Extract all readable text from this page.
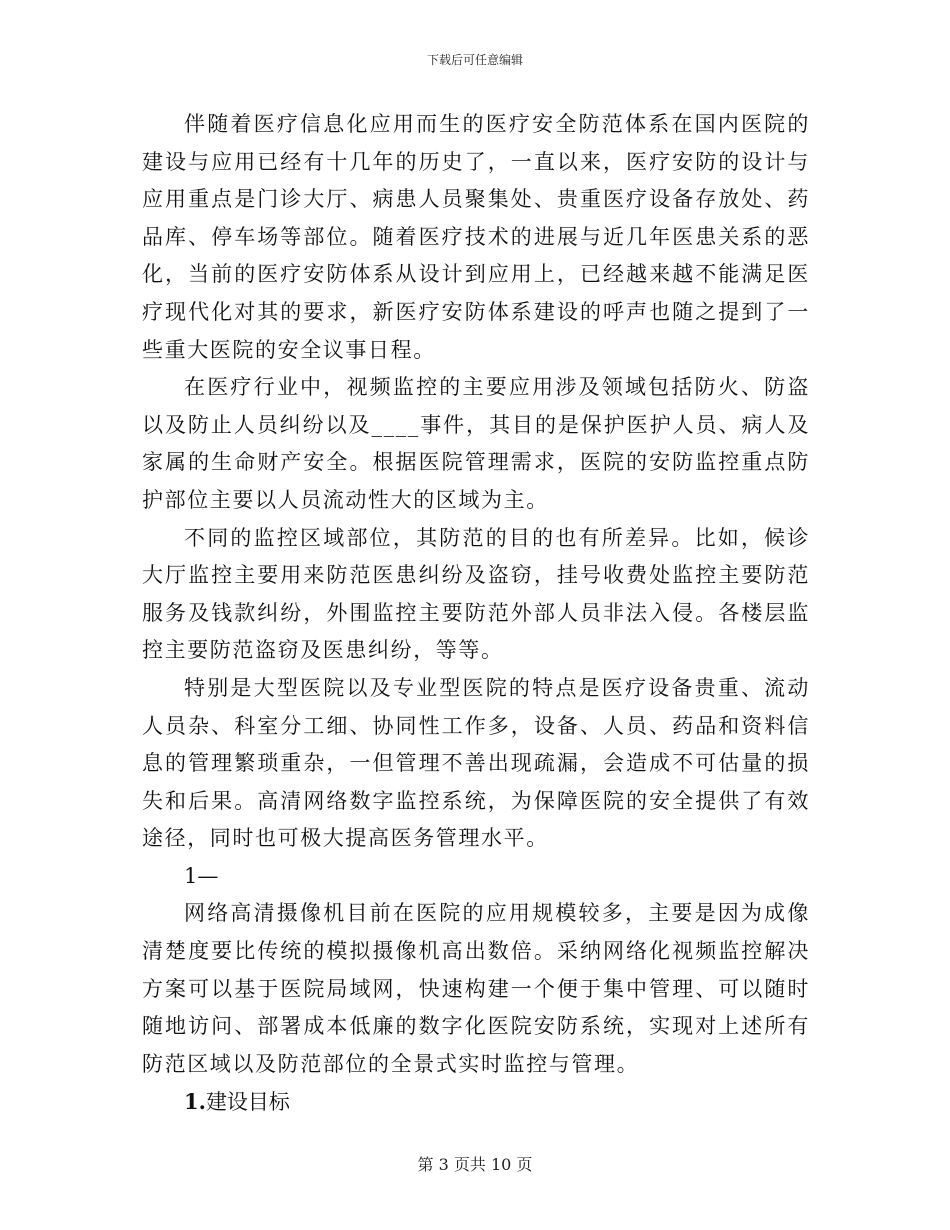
下载后可任意编辑

伴随着医疗信息化应用而生的医疗安全防范体系在国内医院的建设与应用已经有十几年的历史了，一直以来，医疗安防的设计与应用重点是门诊大厅、病患人员聚集处、贵重医疗设备存放处、药品库、停车场等部位。随着医疗技术的进展与近几年医患关系的恶化，当前的医疗安防体系从设计到应用上，已经越来越不能满足医疗现代化对其的要求，新医疗安防体系建设的呼声也随之提到了一些重大医院的安全议事日程。

在医疗行业中，视频监控的主要应用涉及领域包括防火、防盗以及防止人员纠纷以及____事件，其目的是保护医护人员、病人及家属的生命财产安全。根据医院管理需求，医院的安防监控重点防护部位主要以人员流动性大的区域为主。

不同的监控区域部位，其防范的目的也有所差异。比如，候诊大厅监控主要用来防范医患纠纷及盗窃，挂号收费处监控主要防范服务及钱款纠纷，外围监控主要防范外部人员非法入侵。各楼层监控主要防范盗窃及医患纠纷，等等。

特别是大型医院以及专业型医院的特点是医疗设备贵重、流动人员杂、科室分工细、协同性工作多，设备、人员、药品和资料信息的管理繁琐重杂，一但管理不善出现疏漏，会造成不可估量的损失和后果。高清网络数字监控系统，为保障医院的安全提供了有效途径，同时也可极大提高医务管理水平。

1—

网络高清摄像机目前在医院的应用规模较多，主要是因为成像清楚度要比传统的模拟摄像机高出数倍。采纳网络化视频监控解决方案可以基于医院局域网，快速构建一个便于集中管理、可以随时随地访问、部署成本低廉的数字化医院安防系统，实现对上述所有防范区域以及防范部位的全景式实时监控与管理。

1.建设目标

第 3 页共 10 页
